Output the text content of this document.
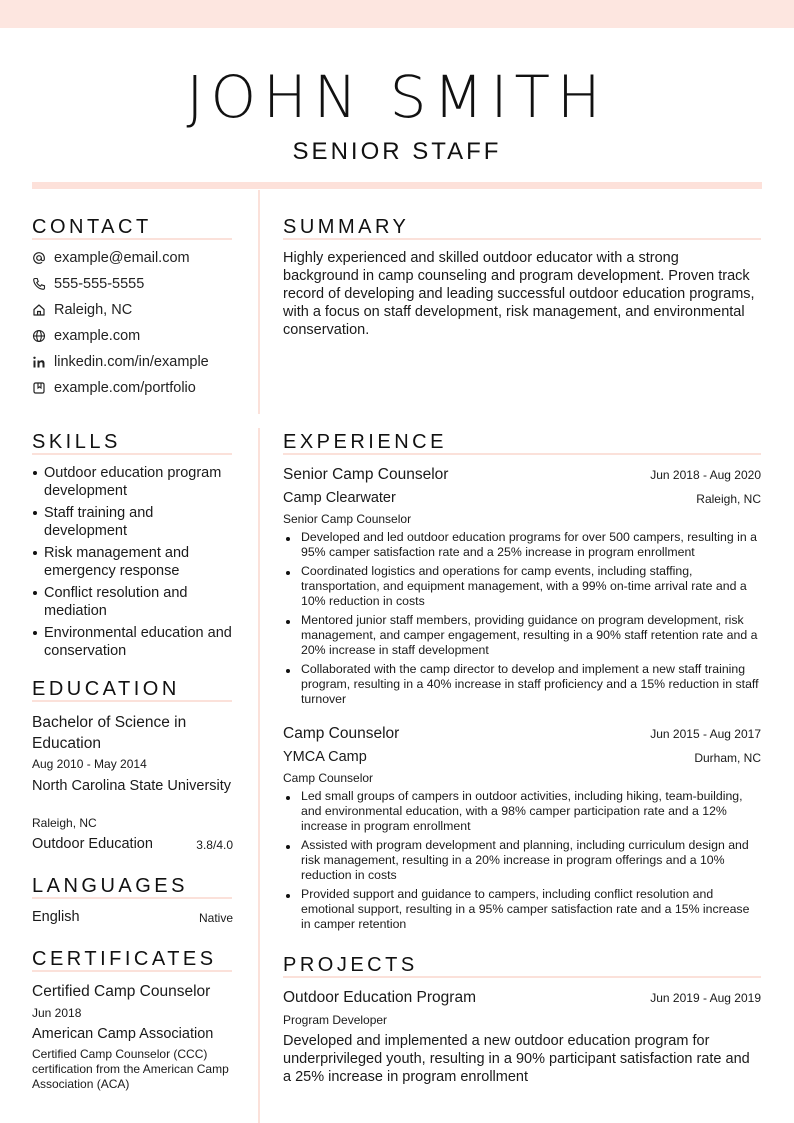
JOHN SMITH
SENIOR STAFF
CONTACT
example@email.com
555-555-5555
Raleigh, NC
example.com
linkedin.com/in/example
example.com/portfolio
SUMMARY
Highly experienced and skilled outdoor educator with a strong background in camp counseling and program development. Proven track record of developing and leading successful outdoor education programs, with a focus on staff development, risk management, and environmental conservation.
SKILLS
Outdoor education program development
Staff training and development
Risk management and emergency response
Conflict resolution and mediation
Environmental education and conservation
EDUCATION
Bachelor of Science in Education
Aug 2010 - May 2014
North Carolina State University
Raleigh, NC
Outdoor Education	3.8/4.0
LANGUAGES
English	Native
CERTIFICATES
Certified Camp Counselor
Jun 2018
American Camp Association
Certified Camp Counselor (CCC) certification from the American Camp Association (ACA)
EXPERIENCE
Senior Camp Counselor	Jun 2018 - Aug 2020
Camp Clearwater	Raleigh, NC
Senior Camp Counselor
Developed and led outdoor education programs for over 500 campers, resulting in a 95% camper satisfaction rate and a 25% increase in program enrollment
Coordinated logistics and operations for camp events, including staffing, transportation, and equipment management, with a 99% on-time arrival rate and a 10% reduction in costs
Mentored junior staff members, providing guidance on program development, risk management, and camper engagement, resulting in a 90% staff retention rate and a 20% increase in staff development
Collaborated with the camp director to develop and implement a new staff training program, resulting in a 40% increase in staff proficiency and a 15% reduction in staff turnover
Camp Counselor	Jun 2015 - Aug 2017
YMCA Camp	Durham, NC
Camp Counselor
Led small groups of campers in outdoor activities, including hiking, team-building, and environmental education, with a 98% camper participation rate and a 12% increase in program enrollment
Assisted with program development and planning, including curriculum design and risk management, resulting in a 20% increase in program offerings and a 10% reduction in costs
Provided support and guidance to campers, including conflict resolution and emotional support, resulting in a 95% camper satisfaction rate and a 15% increase in camper retention
PROJECTS
Outdoor Education Program	Jun 2019 - Aug 2019
Program Developer
Developed and implemented a new outdoor education program for underprivileged youth, resulting in a 90% participant satisfaction rate and a 25% increase in program enrollment
